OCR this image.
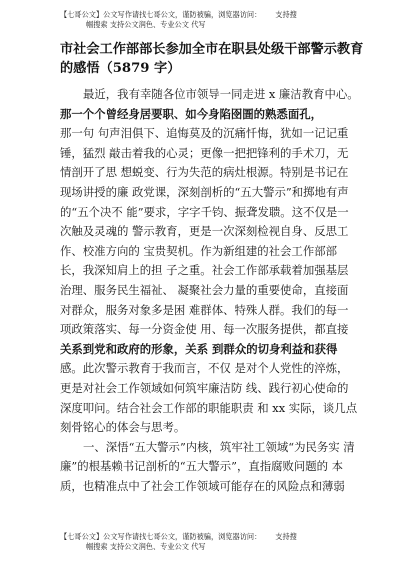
【七哥公文】公文写作请找七哥公文，谨防被骗，浏览器访问： 支持搜
帼搜索 支持公文润色、专业公文 代写
市社会工作部部长参加全市在职县处级干部警示教育的感悟（5879 字）

最近，我有幸随各位市领导一同走进 x 廉洁教育中心。

那一个个曾经身居要职、如今身陷囹圄的熟悉面孔，

那一句 句声泪俱下、追悔莫及的沉痛忏悔，犹如一记记重

锤，猛烈 敲击着我的心灵；更像一把把锋利的手术刀，无

情剖开了思 想蜕变、行为失范的病灶根源。特别是书记在

现场讲授的廉 政党课，深刻剖析的“五大警示”和掷地有声

的“五个决不 能”要求，字字千钧、振聋发聩。这不仅是一

次触及灵魂的 警示教育，更是一次深刻检视自身、反思工

作、校准方向的 宝贵契机。作为新组建的社会工作部部

长，我深知肩上的担 子之重。社会工作部承载着加强基层

治理、服务民生福祉、 凝聚社会力量的重要使命，直接面

对群众，服务对象多是困 难群体、特殊人群。我们的每一

项政策落实、每一分资金使 用、每一次服务提供，都直接

关系到党和政府的形象，关系 到群众的切身利益和获得

感。此次警示教育于我而言，不仅 是对个人党性的淬炼，

更是对社会工作领域如何筑牢廉洁防 线、践行初心使命的

深度叩问。结合社会工作部的职能职责 和 xx 实际，谈几点

刻骨铭心的体会与思考。

一、深悟“五大警示”内核，筑牢社工领域“为民务实 清

廉”的根基赖书记剖析的“五大警示”，直指腐败问题的 本

质，也精准点中了社会工作领域可能存在的风险点和薄弱

【七哥公文】公文写作请找七哥公文，谨防被骗，浏览器访问： 支持搜
帼搜索 支持公文润色、专业公文 代写
